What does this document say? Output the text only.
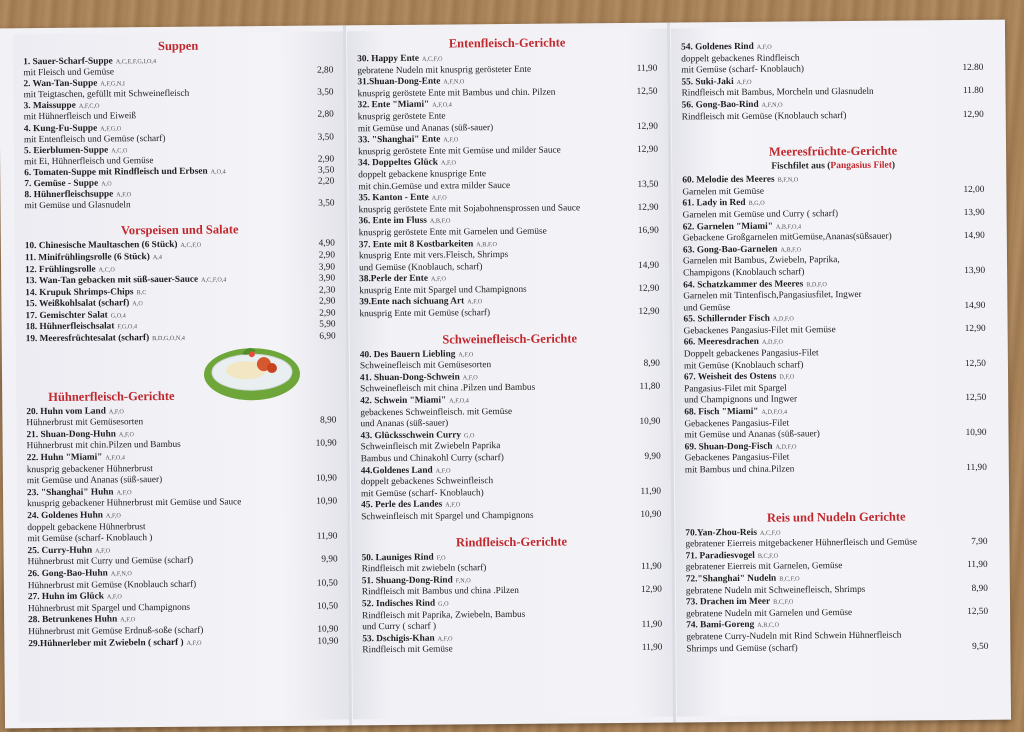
Suppen
1. Sauer-Scharf-Suppe A,C,E,F,G,I,O,4
mit Fleisch und Gemüse	2,80
2. Wan-Tan-Suppe A,F,G,N,I
mit Teigtaschen, gefüllt mit Schweinefleisch	3,50
3. Maissuppe A,F,C,O
mit Hühnerfleisch und Eiweiß	2,80
4. Kung-Fu-Suppe A,F,G,O
mit Entenfleisch und Gemüse (scharf)	3,50
5. Eierblumen-Suppe A,C,O
mit Ei, Hühnerfleisch und Gemüse	2,90
6. Tomaten-Suppe mit Rindfleisch und Erbsen A,O,4	3,50
7. Gemüse - Suppe A,O	2,20
8. Hühnerfleischsuppe A,F,O
mit Gemüse und Glasnudeln	3,50
Vorspeisen und Salate
10. Chinesische Maultaschen (6 Stück) A,C,F,O	4,90
11. Minifrühlingsrolle (6 Stück) A,4	2,90
12. Frühlingsrolle A,C,O	3,90
13. Wan-Tan gebacken mit süß-sauer-Sauce A,C,F,O,4	3,90
14. Krupuk Shrimps-Chips B,C	2,30
15. Weißkohlsalat (scharf) A,O	2,90
17. Gemischter Salat G,O,4	2,90
18. Hühnerfleischsalat F,G,O,4	5,90
19. Meeresfrüchtesalat (scharf) B,D,G,O,N,4	6,90
Hühnerfleisch-Gerichte
20. Huhn vom Land A,F,O
Hühnerbrust mit Gemüsesorten	8,90
21. Shuan-Dong-Huhn A,F,O
Hühnerbrust mit chin.Pilzen und Bambus	10,90
22. Huhn "Miami" A,F,O,4
knusprig gebackener Hühnerbrust
mit Gemüse und Ananas (süß-sauer)	10,90
23. "Shanghai" Huhn A,F,O
knusprig gebackener Hühnerbrust mit Gemüse und Sauce	10,90
24. Goldenes Huhn A,F,O
doppelt gebackene Hühnerbrust
mit Gemüse (scharf- Knoblauch )	11,90
25. Curry-Huhn A,F,O
Hühnerbrust mit Curry und Gemüse (scharf)	9,90
26. Gong-Bao-Huhn A,F,N,O
Hühnerbrust mit Gemüse (Knoblauch scharf)	10,50
27. Huhn im Glück A,F,O
Hühnerbrust mit Spargel und Champignons	10,50
28. Betrunkenes Huhn A,F,O
Hühnerbrust mit Gemüse Erdnuß-soße (scharf)	10,90
29.Hühnerleber mit Zwiebeln ( scharf ) A,F,O	10,90
Entenfleisch-Gerichte
30. Happy Ente A,C,F,O
gebratene Nudeln mit knusprig gerösteter Ente	11,90
31.Shuan-Dong-Ente A,F,N,O
knusprig geröstete Ente mit Bambus und chin. Pilzen	12,50
32. Ente "Miami" A,F,O,4
knusprig geröstete Ente
mit Gemüse und Ananas (süß-sauer)	12,90
33. "Shanghai" Ente A,F,O
knusprig geröstete Ente mit Gemüse und milder Sauce	12,90
34. Doppeltes Glück A,F,O
doppelt gebackene knusprige Ente
mit chin.Gemüse und extra milder Sauce	13,50
35. Kanton - Ente A,F,O
knusprig geröstete Ente mit Sojabohnensprossen und Sauce	12,90
36. Ente im Fluss A,B,F,O
knusprig geröstete Ente mit Garnelen und Gemüse	16,90
37. Ente mit 8 Kostbarkeiten A,B,F,O
knusprig Ente mit vers.Fleisch, Shrimps
und Gemüse (Knoblauch, scharf)	14,90
38.Perle der Ente A,F,O
knusprig Ente mit Spargel und Champignons	12,90
39.Ente nach sichuang Art A,F,O
knusprig Ente mit Gemüse (scharf)	12,90
Schweinefleisch-Gerichte
40. Des Bauern Liebling A,F,O
Schweinefleisch mit Gemüsesorten	8,90
41. Shuan-Dong-Schwein A,F,O
Schweinefleisch mit china .Pilzen und Bambus	11,80
42. Schwein "Miami" A,F,O,4
gebackenes Schweinfleisch. mit Gemüse
und Ananas (süß-sauer)	10,90
43. Glücksschwein Curry G,O
Schweinfleisch mit Zwiebeln Paprika
Bambus und Chinakohl Curry (scharf)	9,90
44.Goldenes Land A,F,O
doppelt gebackenes Schweinfleisch
mit Gemüse (scharf- Knoblauch)	11,90
45. Perle des Landes A,F,O
Schweinfleisch mit Spargel und Champignons	10,90
Rindfleisch-Gerichte
50. Launiges Rind F,O
Rindfleisch mit zwiebeln (scharf)	11,90
51. Shuang-Dong-Rind F,N,O
Rindfleisch mit Bambus und china .Pilzen	12,90
52. Indisches Rind G,O
Rindfleisch mit Paprika, Zwiebeln, Bambus
und Curry ( scharf )	11,90
53. Dschigis-Khan A,F,O
Rindfleisch mit Gemüse	11,90
54. Goldenes Rind A,F,O
doppelt gebackenes Rindfleisch
mit Gemüse (scharf- Knoblauch)	12.80
55. Suki-Jaki A,F,O
Rindfleisch mit Bambus, Morcheln und Glasnudeln	11.80
56. Gong-Bao-Rind A,F,N,O
Rindfleisch mit Gemüse (Knoblauch scharf)	12,90
Meeresfrüchte-Gerichte
Fischfilet aus (Pangasius Filet)
60. Melodie des Meeres B,F,N,O
Garnelen mit Gemüse	12,00
61. Lady in Red B,G,O
Garnelen mit Gemüse und Curry ( scharf)	13,90
62. Garnelen "Miami" A,B,F,O,4
Gebackene Großgarnelen mitGemüse,Ananas(süßsauer)	14,90
63. Gong-Bao-Garnelen A,B,F,O
Garnelen mit Bambus, Zwiebeln, Paprika,
Champigons (Knoblauch scharf)	13,90
64. Schatzkammer des Meeres B,D,F,O
Garnelen mit Tintenfisch,Pangasiusfilet, Ingwer
und Gemüse	14,90
65. Schillernder Fisch A,D,F,O
Gebackenes Pangasius-Filet mit Gemüse	12,90
66. Meeresdrachen A,D,F,O
Doppelt gebackenes Pangasius-Filet
mit Gemüse (Knoblauch scharf)	12,50
67. Weisheit des Ostens D,F,O
Pangasius-Filet mit Spargel
und Champignons und Ingwer	12,50
68. Fisch "Miami" A,D,F,O,4
Gebackenes Pangasius-Filet
mit Gemüse und Ananas (süß-sauer)	10,90
69. Shuan-Dong-Fisch A,D,F,O
Gebackenes Pangasius-Filet
mit Bambus und china.Pilzen	11,90
Reis und Nudeln Gerichte
70.Yan-Zhou-Reis A,C,F,O
gebratener Eierreis mitgebackener Hühnerfleisch und Gemüse	7,90
71. Paradiesvogel B,C,F,O
gebratener Eierreis mit Garnelen, Gemüse	11,90
72."Shanghai" Nudeln B,C,F,O
gebratene Nudeln mit Schweinefleisch, Shrimps	8,90
73. Drachen im Meer B,C,F,O
gebratene Nudeln mit Garnelen und Gemüse	12,50
74. Bami-Goreng A,B,C,O
gebratene Curry-Nudeln mit Rind Schwein Hühnerfleisch
Shrimps und Gemüse (scharf)	9,50
